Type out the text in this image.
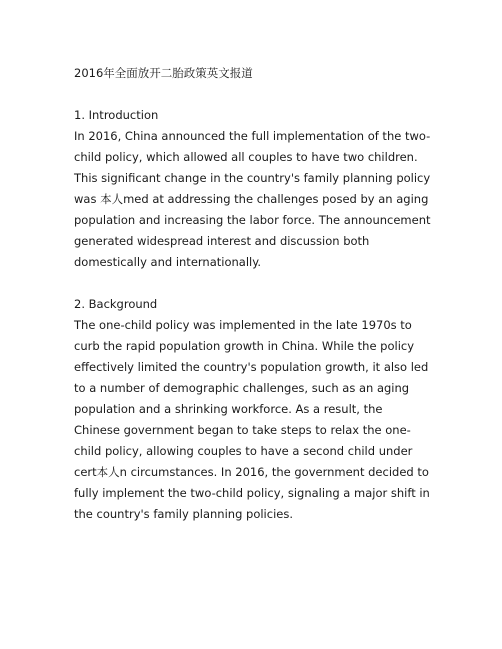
2016年全面放开二胎政策英文报道
1. Introduction

In 2016, China announced the full implementation of the two-child policy, which allowed all couples to have two children. This significant change in the country's family planning policy was 本人med at addressing the challenges posed by an aging population and increasing the labor force. The announcement generated widespread interest and discussion both domestically and internationally.

2. Background

The one-child policy was implemented in the late 1970s to curb the rapid population growth in China. While the policy effectively limited the country's population growth, it also led to a number of demographic challenges, such as an aging population and a shrinking workforce. As a result, the Chinese government began to take steps to relax the one-child policy, allowing couples to have a second child under cert本人n circumstances. In 2016, the government decided to fully implement the two-child policy, signaling a major shift in the country's family planning policies.
